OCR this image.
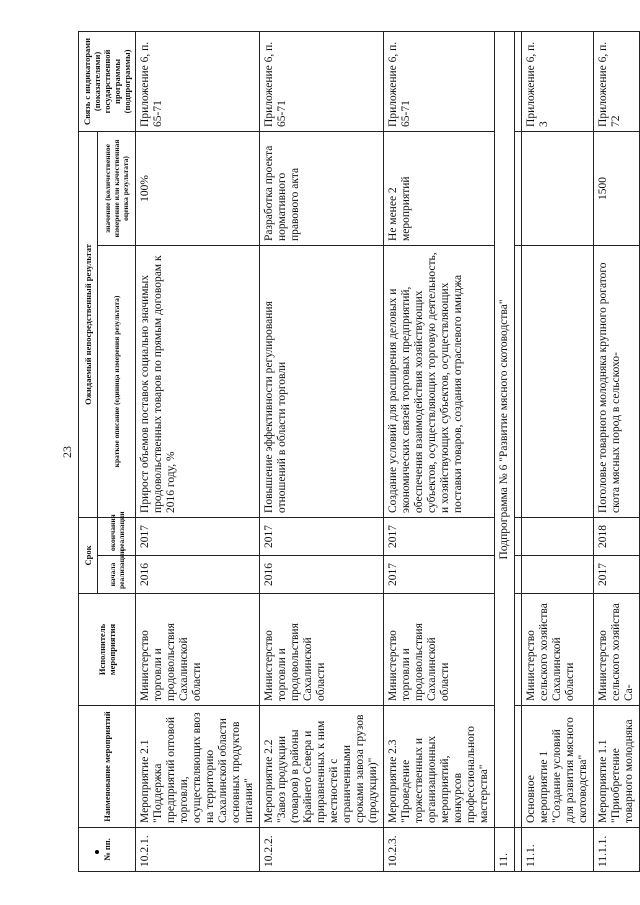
23
№ пп.	Наименование мероприятий	Исполнитель мероприятия	Срок		Ожидаемый непосредственный результат		Связь с индикаторами (показателями) государственной программы (подпрограммы)
			начала реализации	окончания реализации	краткое описание (единица измерения результата)	значение (количественное измерение или качественная оценка результата)	
10.2.1.	Мероприятие 2.1 "Поддержка предприятий оптовой торговли, осуществляющих ввоз на территорию Сахалинской области основных продуктов питания"	Министерство торговли и продовольствия Сахалинской области	2016	2017	Прирост объемов поставок социально значимых продовольственных товаров по прямым договорам к 2016 году, %	100%	Приложение 6, п. 65-71
10.2.2.	Мероприятие 2.2 "Завоз продукции (товаров) в районы Крайнего Севера и приравненных к ним местностей с ограниченными сроками завоза грузов (продукции)"	Министерство торговли и продовольствия Сахалинской области	2016	2017	Повышение эффективности регулирования отношений в области торговли	Разработка проекта нормативного правового акта	Приложение 6, п. 65-71
10.2.3.	Мероприятие 2.3 "Проведение торжественных и организационных мероприятий, конкурсов профессионального мастерства"	Министерство торговли и продовольствия Сахалинской области	2017	2017	Создание условий для расширения деловых и экономических связей торговых предприятий, обеспечения взаимодействия хозяйствующих субъектов, осуществляющих торговую деятельность, и хозяйствующих субъектов, осуществляющих поставки товаров, создания отраслевого имиджа	Не менее 2 мероприятий	Приложение 6, п. 65-71
11.	Подпрограмма № 6 "Развитие мясного скотоводства"						

11.1.	Основное мероприятие 1 "Создание условий для развития мясного скотоводства"	Министерство сельского хозяйства Сахалинской области					Приложение 6, п. 3
11.1.1.	Мероприятие 1.1 "Приобретение товарного молодняка	Министерство сельского хозяйства Са-	2017	2018	Поголовье товарного молодняка крупного рогатого скота мясных пород в сельскохо-	1500	Приложение 6, п. 72
